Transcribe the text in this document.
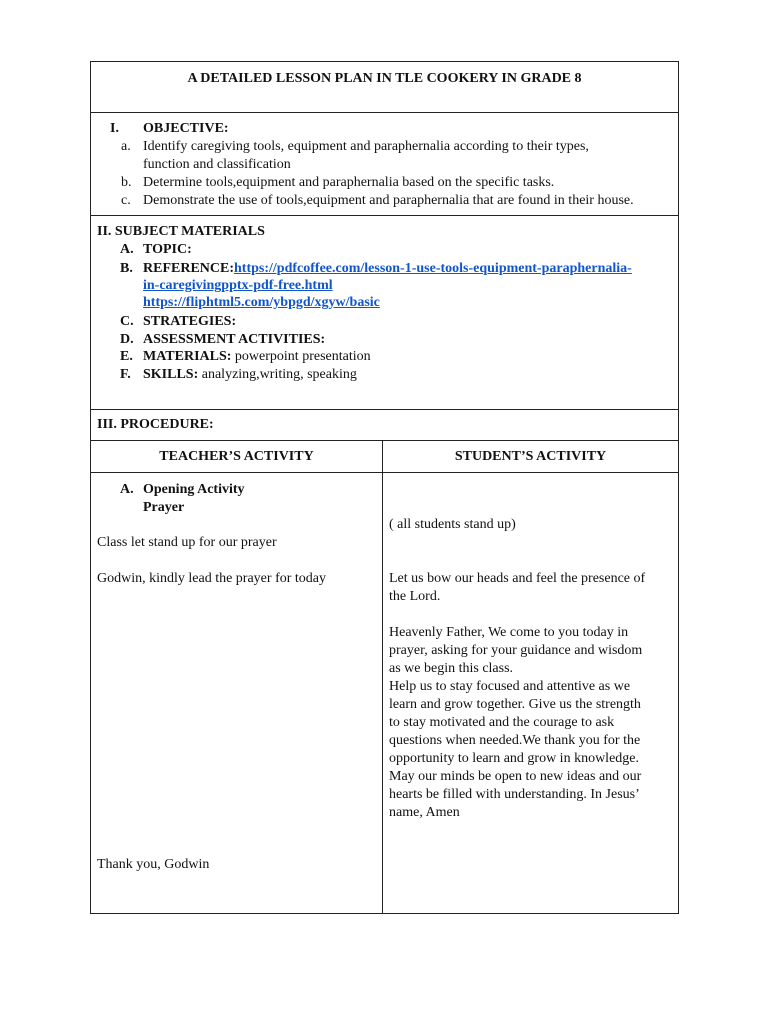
A DETAILED LESSON PLAN IN TLE COOKERY IN GRADE 8
I. OBJECTIVE:
a. Identify caregiving tools, equipment and paraphernalia according to their types,
function and classification
b. Determine tools,equipment and paraphernalia based on the specific tasks.
c. Demonstrate the use of tools,equipment and paraphernalia that are found in their house.
II. SUBJECT MATERIALS
A. TOPIC:
B. REFERENCE:https://pdfcoffee.com/lesson-1-use-tools-equipment-paraphernalia-
in-caregivingpptx-pdf-free.html
https://fliphtml5.com/ybpgd/xgyw/basic
C. STRATEGIES:
D. ASSESSMENT ACTIVITIES:
E. MATERIALS: powerpoint presentation
F. SKILLS: analyzing,writing, speaking
III. PROCEDURE:
TEACHER’S ACTIVITY	STUDENT’S ACTIVITY
A. Opening Activity
Prayer
Class let stand up for our prayer
Godwin, kindly lead the prayer for today
Thank you, Godwin
( all students stand up)
Let us bow our heads and feel the presence of
the Lord.
Heavenly Father, We come to you today in
prayer, asking for your guidance and wisdom
as we begin this class.
Help us to stay focused and attentive as we
learn and grow together. Give us the strength
to stay motivated and the courage to ask
questions when needed.We thank you for the
opportunity to learn and grow in knowledge.
May our minds be open to new ideas and our
hearts be filled with understanding. In Jesus’
name, Amen
